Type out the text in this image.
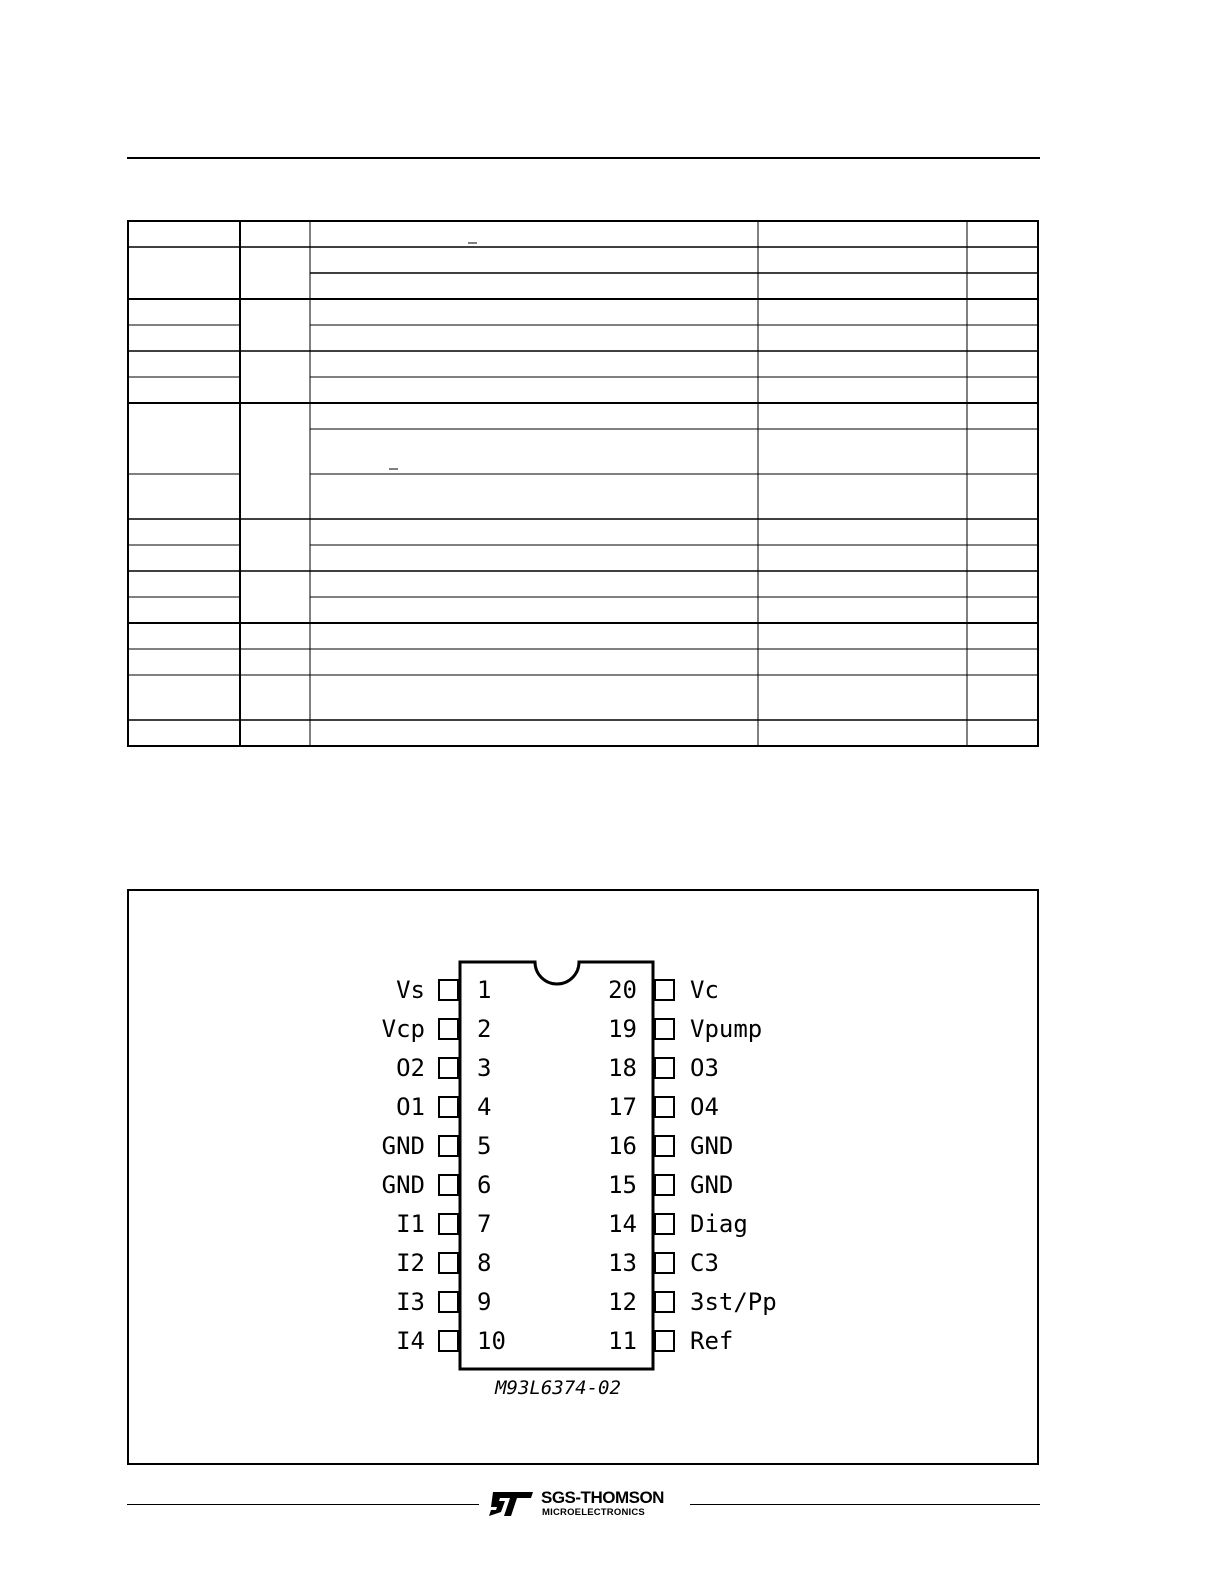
Vs 1
Vcp 2
O2 3
O1 4
GND 5
GND 6
I1 7
I2 8
I3 9
I4 10
20 Vc
19 Vpump
18 O3
17 O4
16 GND
15 GND
14 Diag
13 C3
12 3st/Pp
11 Ref
M93L6374-02
SGS-THOMSON
MICROELECTRONICS
